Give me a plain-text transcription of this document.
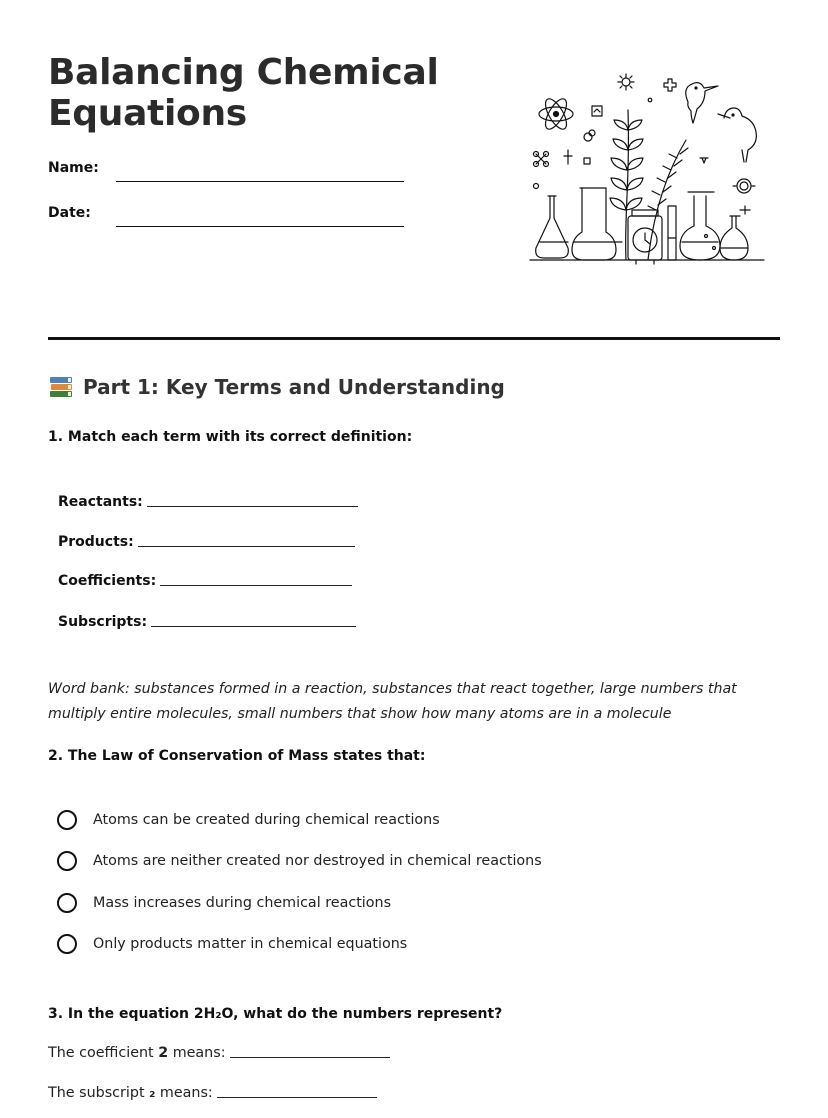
Balancing Chemical Equations
Name:
Date:
Part 1: Key Terms and Understanding

1. Match each term with its correct definition:

Reactants:
Products:
Coefficients:
Subscripts:

Word bank: substances formed in a reaction, substances that react together, large numbers that multiply entire molecules, small numbers that show how many atoms are in a molecule

2. The Law of Conservation of Mass states that:

Atoms can be created during chemical reactions
Atoms are neither created nor destroyed in chemical reactions
Mass increases during chemical reactions
Only products matter in chemical equations

3. In the equation 2H₂O, what do the numbers represent?

The coefficient 2 means:
The subscript ₂ means:
